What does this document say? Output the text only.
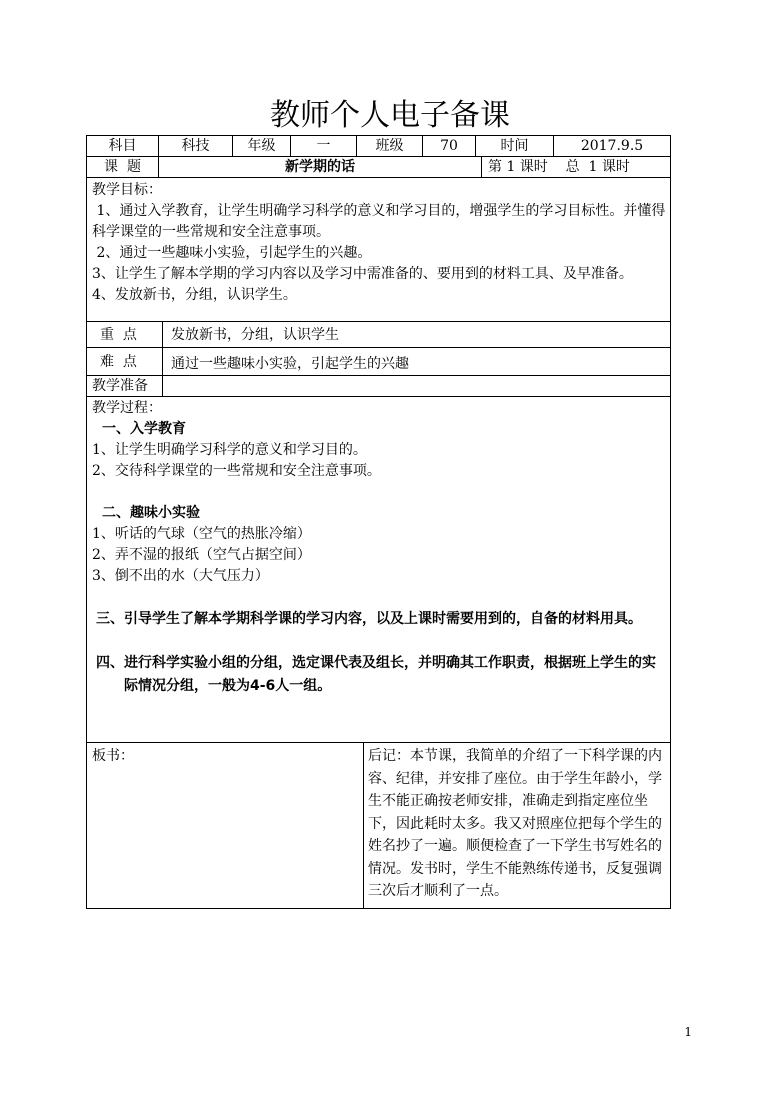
教师个人电子备课
科目	科技	年级	一	班级	70	时间	2017.9.5
课  题	新学期的话	第 1 课时    总  1 课时

教学目标：

1、通过入学教育，让学生明确学习科学的意义和学习目的，增强学生的学习目标性。并懂得科学课堂的一些常规和安全注意事项。

2、通过一些趣味小实验，引起学生的兴趣。

3、让学生了解本学期的学习内容以及学习中需准备的、要用到的材料工具、及早准备。

4、发放新书，分组，认识学生。

重  点	发放新书，分组，认识学生
难  点	通过一些趣味小实验，引起学生的兴趣
教学准备

教学过程：

一、入学教育

1、让学生明确学习科学的意义和学习目的。

2、交待科学课堂的一些常规和安全注意事项。

二、趣味小实验

1、听话的气球（空气的热胀冷缩）

2、弄不湿的报纸（空气占据空间）

3、倒不出的水（大气压力）

三、引导学生了解本学期科学课的学习内容，以及上课时需要用到的，自备的材料用具。

四、进行科学实验小组的分组，选定课代表及组长，并明确其工作职责，根据班上学生的实际情况分组，一般为4-6人一组。

板书：	后记：本节课，我简单的介绍了一下科学课的内容、纪律，并安排了座位。由于学生年龄小，学生不能正确按老师安排，准确走到指定座位坐下，因此耗时太多。我又对照座位把每个学生的姓名抄了一遍。顺便检查了一下学生书写姓名的情况。发书时，学生不能熟练传递书，反复强调三次后才顺利了一点。
1
